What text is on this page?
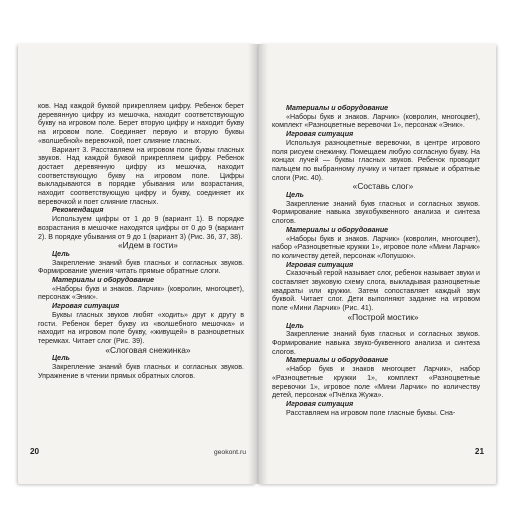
ков. Над каждой буквой прикрепляем цифру. Ребенок берет деревянную цифру из мешочка, находит соответствующую букву на игровом поле. Берет вторую цифру и находит букву на игровом поле. Соединяет первую и вторую буквы «волшебной» веревочкой, поет слияние гласных.

Вариант 3. Расставляем на игровом поле буквы гласных звуков. Над каждой буквой прикрепляем цифру. Ребенок достает деревянную цифру из мешочка, находит соответствующую букву на игровом поле. Цифры выкладываются в порядке убывания или возрастания, находит соответствующую цифру и букву, соединяет их веревочкой и поет слияние гласных.

Рекомендация

Используем цифры от 1 до 9 (вариант 1). В порядке возрастания в мешочке находятся цифры от 0 до 9 (вариант 2). В порядке убывания от 9 до 1 (вариант 3) (Рис. 36, 37, 38).

«Идем в гости»

Цель

Закрепление знаний букв гласных и согласных звуков. Формирование умения читать прямые обратные слоги.

Материалы и оборудование

«Наборы букв и знаков. Ларчик» (ковролин, многоцвет), персонаж «Эник».

Игровая ситуация

Буквы гласных звуков любят «ходить» друг к другу в гости. Ребенок берет букву из «волшебного мешочка» и находит на игровом поле букву, «живущей» в разноцветных теремках. Читает слог (Рис. 39).

«Слоговая снежинка»

Цель

Закрепление знаний букв гласных и согласных звуков. Упражнение в чтении прямых обратных слогов.

20	geokont.ru

Материалы и оборудование

«Наборы букв и знаков. Ларчик» (ковролин, многоцвет), комплект «Разноцветные веревочки 1», персонаж «Эник».

Игровая ситуация

Используя разноцветные веревочки, в центре игрового поля рисуем снежинку. Помещаем любую согласную букву. На концах лучей — буквы гласных звуков. Ребенок проводит пальцем по выбранному лучику и читает прямые и обратные слоги (Рис. 40).

«Составь слог»

Цель

Закрепление знаний букв гласных и согласных звуков. Формирование навыка звукобуквенного анализа и синтеза слогов.

Материалы и оборудование

«Наборы букв и знаков. Ларчик» (ковролин, многоцвет), набор «Разноцветные кружки 1», игровое поле «Мини Ларчик» по количеству детей, персонаж «Лопушок».

Игровая ситуация

Сказочный герой называет слог, ребенок называет звуки и составляет звуковую схему слога, выкладывая разноцветные квадраты или кружки. Затем сопоставляет каждый звук буквой. Читает слог. Дети выполняют задание на игровом поле «Мини Ларчик» (Рис. 41).

«Построй мостик»

Цель

Закрепление знаний букв гласных и согласных звуков. Формирование навыка звуко-буквенного анализа и синтеза слогов.

Материалы и оборудование

«Набор букв и знаков многоцвет Ларчик», набор «Разноцветные кружки 1», комплект «Разноцветные веревочки 1», игровое поле «Мини Ларчик» по количеству детей, персонаж «Пчёлка Жужа».

Игровая ситуация

Расставляем на игровом поле гласные буквы. Сна-

21
